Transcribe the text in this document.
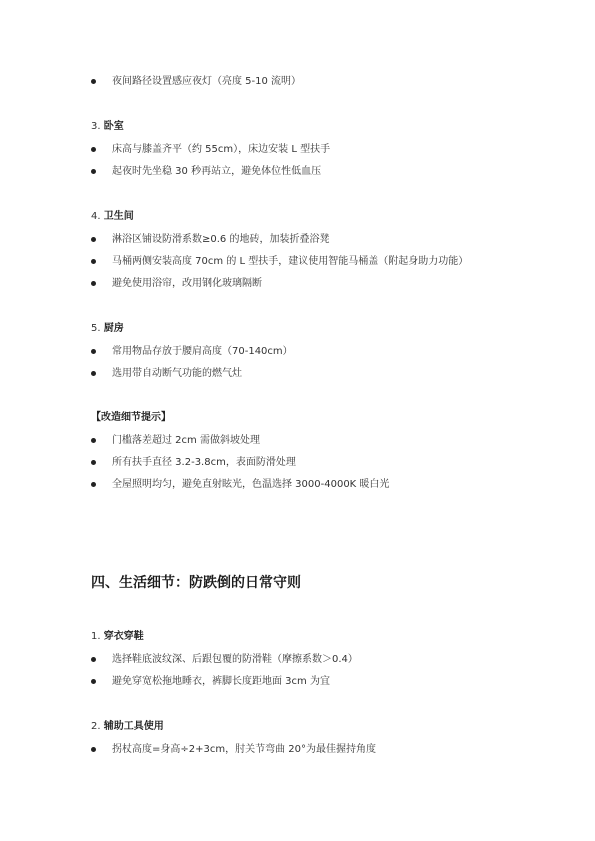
夜间路径设置感应夜灯（亮度 5-10 流明）
3. 卧室
床高与膝盖齐平（约 55cm），床边安装 L 型扶手
起夜时先坐稳 30 秒再站立，避免体位性低血压
4. 卫生间
淋浴区铺设防滑系数≥0.6 的地砖，加装折叠浴凳
马桶两侧安装高度 70cm 的 L 型扶手，建议使用智能马桶盖（附起身助力功能）
避免使用浴帘，改用钢化玻璃隔断
5. 厨房
常用物品存放于腰肩高度（70-140cm）
选用带自动断气功能的燃气灶
【改造细节提示】
门槛落差超过 2cm 需做斜坡处理
所有扶手直径 3.2-3.8cm，表面防滑处理
全屋照明均匀，避免直射眩光，色温选择 3000-4000K 暖白光
四、生活细节：防跌倒的日常守则
1. 穿衣穿鞋
选择鞋底波纹深、后跟包覆的防滑鞋（摩擦系数＞0.4）
避免穿宽松拖地睡衣，裤脚长度距地面 3cm 为宜
2. 辅助工具使用
拐杖高度=身高÷2+3cm，肘关节弯曲 20°为最佳握持角度
